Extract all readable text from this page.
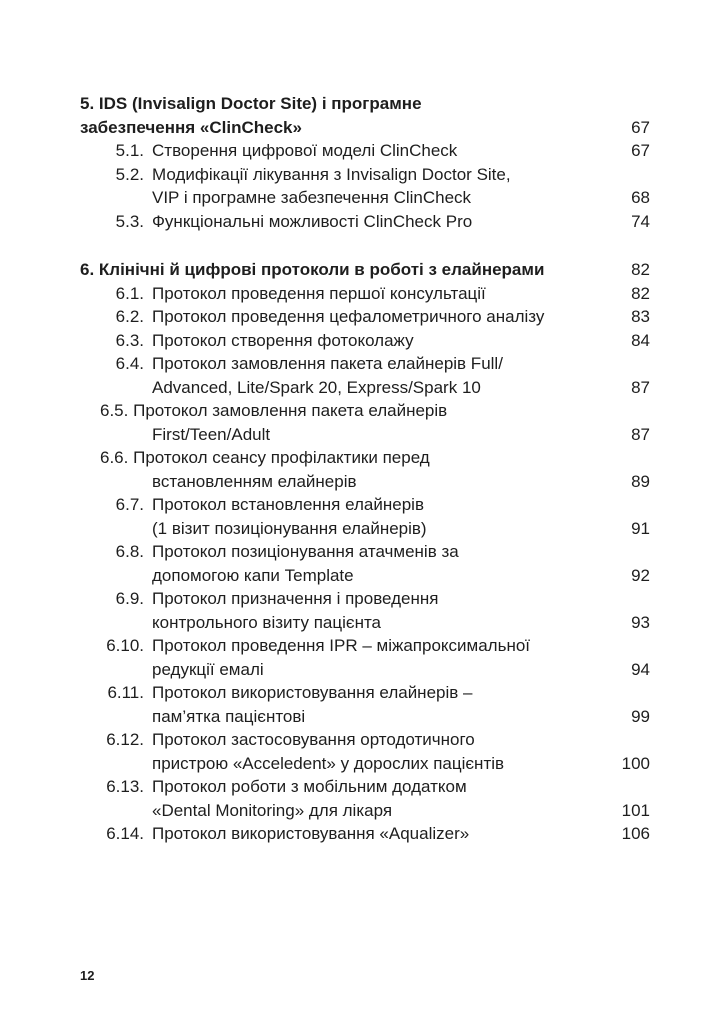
5. IDS (Invisalign Doctor Site) і програмне
забезпечення «ClinCheck»	67
5.1. Створення цифрової моделі ClinCheck	67
5.2. Модифікації лікування з Invisalign Doctor Site,
VIP і програмне забезпечення ClinCheck	68
5.3. Функціональні можливості ClinCheck Pro	74
6. Клінічні й цифрові протоколи в роботі з елайнерами	82
6.1. Протокол проведення першої консультації	82
6.2. Протокол проведення цефалометричного аналізу	83
6.3. Протокол створення фотоколажу	84
6.4. Протокол замовлення пакета елайнерів Full/
Advanced, Lite/Spark 20, Express/Spark 10	87
6.5. Протокол замовлення пакета елайнерів
First/Teen/Adult	87
6.6. Протокол сеансу профілактики перед
встановленням елайнерів	89
6.7. Протокол встановлення елайнерів
(1 візит позиціонування елайнерів)	91
6.8. Протокол позиціонування атачменів за
допомогою капи Template	92
6.9. Протокол призначення і проведення
контрольного візиту пацієнта	93
6.10. Протокол проведення IPR – міжапроксимальної
редукції емалі	94
6.11. Протокол використовування елайнерів –
пам’ятка пацієнтові	99
6.12. Протокол застосовування ортодотичного
пристрою «Acceledent» у дорослих пацієнтів	100
6.13. Протокол роботи з мобільним додатком
«Dental Monitoring» для лікаря	101
6.14. Протокол використовування «Aqualizer»	106
12
